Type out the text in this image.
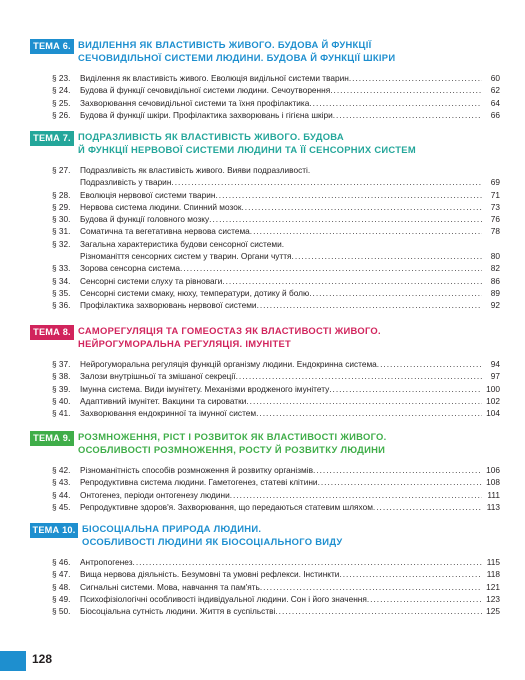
ТЕМА 6. ВИДІЛЕННЯ ЯК ВЛАСТИВІСТЬ ЖИВОГО. БУДОВА Й ФУНКЦІЇ
СЕЧОВИДІЛЬНОЇ СИСТЕМИ ЛЮДИНИ. БУДОВА Й ФУНКЦІЇ ШКІРИ
§ 23. Виділення як властивість живого. Еволюція видільної системи тварин .....	60
§ 24. Будова й функції сечовидільної системи людини. Сечоутворення .....	62
§ 25. Захворювання сечовидільної системи та їхня профілактика .....	64
§ 26. Будова й функції шкіри. Профілактика захворювань і гігієна шкіри .....	66
ТЕМА 7. ПОДРАЗЛИВІСТЬ ЯК ВЛАСТИВІСТЬ ЖИВОГО. БУДОВА
Й ФУНКЦІЇ НЕРВОВОЇ СИСТЕМИ ЛЮДИНИ ТА ЇЇ СЕНСОРНИХ СИСТЕМ
§ 27. Подразливість як властивість живого. Вияви подразливості.
Подразливість у тварин .....	69
§ 28. Еволюція нервової системи тварин .....	71
§ 29. Нервова система людини. Спинний мозок .....	73
§ 30. Будова й функції головного мозку .....	76
§ 31. Соматична та вегетативна нервова система .....	78
§ 32. Загальна характеристика будови сенсорної системи.
Різноманіття сенсорних систем у тварин. Органи чуття .....	80
§ 33. Зорова сенсорна система .....	82
§ 34. Сенсорні системи слуху та рівноваги .....	86
§ 35. Сенсорні системи смаку, нюху, температури, дотику й болю .....	89
§ 36. Профілактика захворювань нервової системи .....	92
ТЕМА 8. САМОРЕГУЛЯЦІЯ ТА ГОМЕОСТАЗ ЯК ВЛАСТИВОСТІ ЖИВОГО.
НЕЙРОГУМОРАЛЬНА РЕГУЛЯЦІЯ. ІМУНІТЕТ
§ 37. Нейрогуморальна регуляція функцій організму людини. Ендокринна система .....	94
§ 38. Залози внутрішньої та змішаної секреції .....	97
§ 39. Імунна система. Види імунітету. Механізми вродженого імунітету .....	100
§ 40. Адаптивний імунітет. Вакцини та сироватки .....	102
§ 41. Захворювання ендокринної та імунної систем .....	104
ТЕМА 9. РОЗМНОЖЕННЯ, РІСТ І РОЗВИТОК ЯК ВЛАСТИВОСТІ ЖИВОГО.
ОСОБЛИВОСТІ РОЗМНОЖЕННЯ, РОСТУ Й РОЗВИТКУ ЛЮДИНИ
§ 42. Різноманітність способів розмноження й розвитку організмів .....	106
§ 43. Репродуктивна система людини. Гаметогенез, статеві клітини .....	108
§ 44. Онтогенез, періоди онтогенезу людини .....	111
§ 45. Репродуктивне здоров'я. Захворювання, що передаються статевим шляхом .....	113
ТЕМА 10. БІОСОЦІАЛЬНА ПРИРОДА ЛЮДИНИ.
ОСОБЛИВОСТІ ЛЮДИНИ ЯК БІОСОЦІАЛЬНОГО ВИДУ
§ 46. Антропогенез .....	115
§ 47. Вища нервова діяльність. Безумовні та умовні рефлекси. Інстинкти .....	118
§ 48. Сигнальні системи. Мова, навчання та пам'ять .....	121
§ 49. Психофізіологічні особливості індивідуальної людини. Сон і його значення .....	123
§ 50. Біосоціальна сутність людини. Життя в суспільстві .....	125
128
